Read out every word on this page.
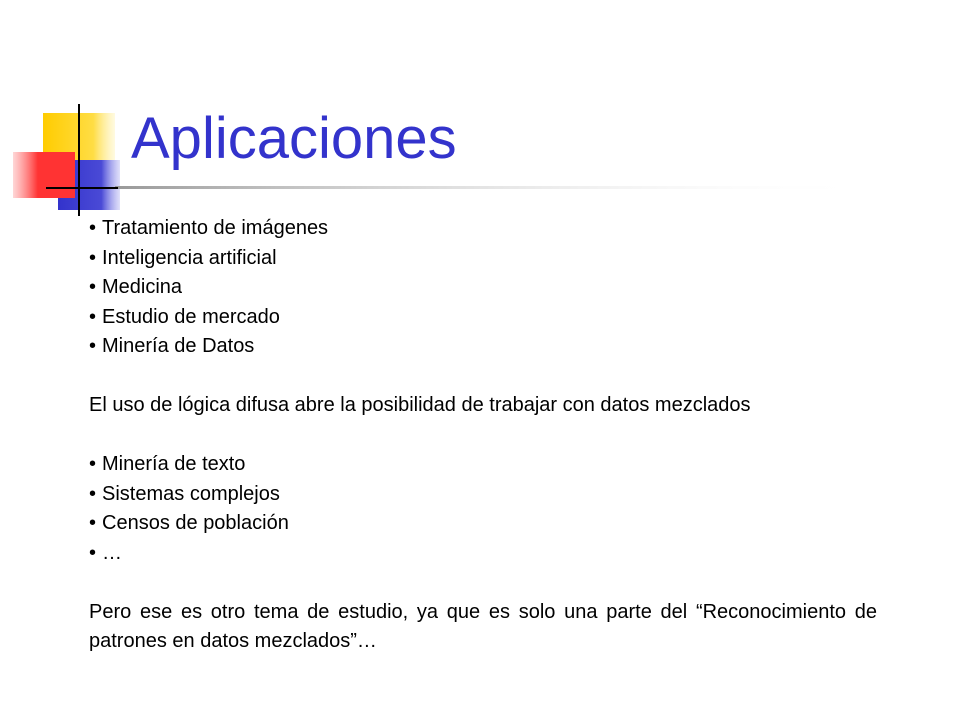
Aplicaciones
• Tratamiento de imágenes
• Inteligencia artificial
• Medicina
• Estudio de mercado
• Minería de Datos

El uso de lógica difusa abre la posibilidad de trabajar con datos mezclados

• Minería de texto
• Sistemas complejos
• Censos de población
• …

Pero ese es otro tema de estudio, ya que es solo una parte del “Reconocimiento de patrones en datos mezclados”…
